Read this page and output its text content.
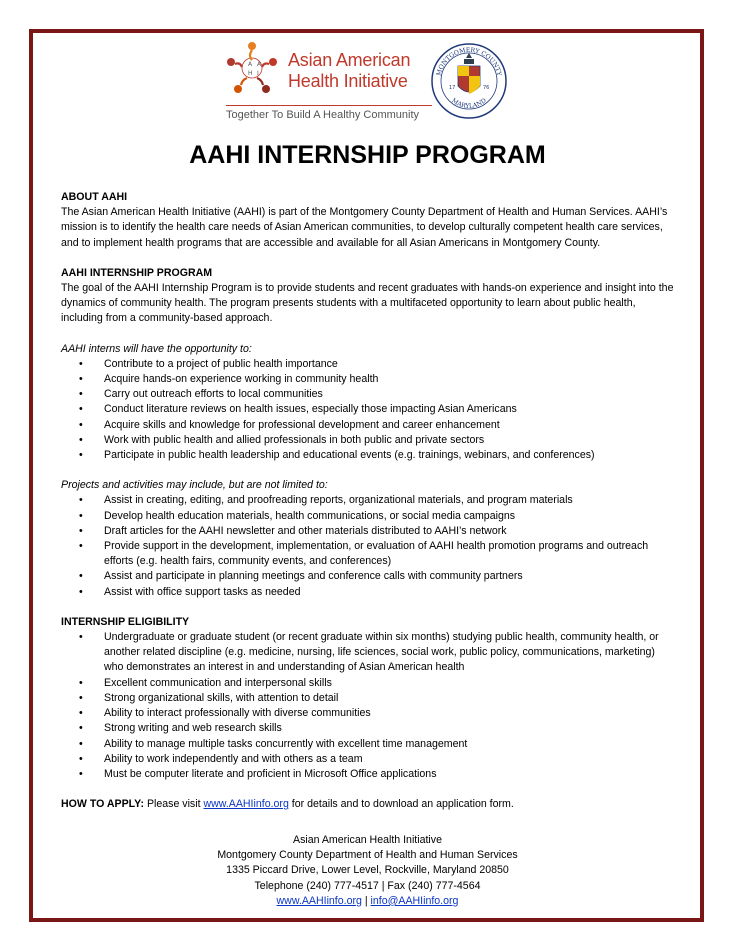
A A
H I
Asian American
Health Initiative
Together To Build A Healthy Community
MONTGOMERY COUNTY
MARYLAND
17	76
AAHI INTERNSHIP PROGRAM

ABOUT AAHI

The Asian American Health Initiative (AAHI) is part of the Montgomery County Department of Health and Human Services. AAHI’s mission is to identify the health care needs of Asian American communities, to develop culturally competent health care services, and to implement health programs that are accessible and available for all Asian Americans in Montgomery County.

AAHI INTERNSHIP PROGRAM

The goal of the AAHI Internship Program is to provide students and recent graduates with hands-on experience and insight into the dynamics of community health. The program presents students with a multifaceted opportunity to learn about public health, including from a community-based approach.

AAHI interns will have the opportunity to:

• Contribute to a project of public health importance
• Acquire hands-on experience working in community health
• Carry out outreach efforts to local communities
• Conduct literature reviews on health issues, especially those impacting Asian Americans
• Acquire skills and knowledge for professional development and career enhancement
• Work with public health and allied professionals in both public and private sectors
• Participate in public health leadership and educational events (e.g. trainings, webinars, and conferences)

Projects and activities may include, but are not limited to:

• Assist in creating, editing, and proofreading reports, organizational materials, and program materials
• Develop health education materials, health communications, or social media campaigns
• Draft articles for the AAHI newsletter and other materials distributed to AAHI’s network
• Provide support in the development, implementation, or evaluation of AAHI health promotion programs and outreach efforts (e.g. health fairs, community events, and conferences)
• Assist and participate in planning meetings and conference calls with community partners
• Assist with office support tasks as needed

INTERNSHIP ELIGIBILITY

• Undergraduate or graduate student (or recent graduate within six months) studying public health, community health, or another related discipline (e.g. medicine, nursing, life sciences, social work, public policy, communications, marketing) who demonstrates an interest in and understanding of Asian American health
• Excellent communication and interpersonal skills
• Strong organizational skills, with attention to detail
• Ability to interact professionally with diverse communities
• Strong writing and web research skills
• Ability to manage multiple tasks concurrently with excellent time management
• Ability to work independently and with others as a team
• Must be computer literate and proficient in Microsoft Office applications

HOW TO APPLY: Please visit www.AAHIinfo.org for details and to download an application form.

Asian American Health Initiative
Montgomery County Department of Health and Human Services
1335 Piccard Drive, Lower Level, Rockville, Maryland 20850
Telephone (240) 777-4517 | Fax (240) 777-4564
www.AAHIinfo.org | info@AAHIinfo.org
